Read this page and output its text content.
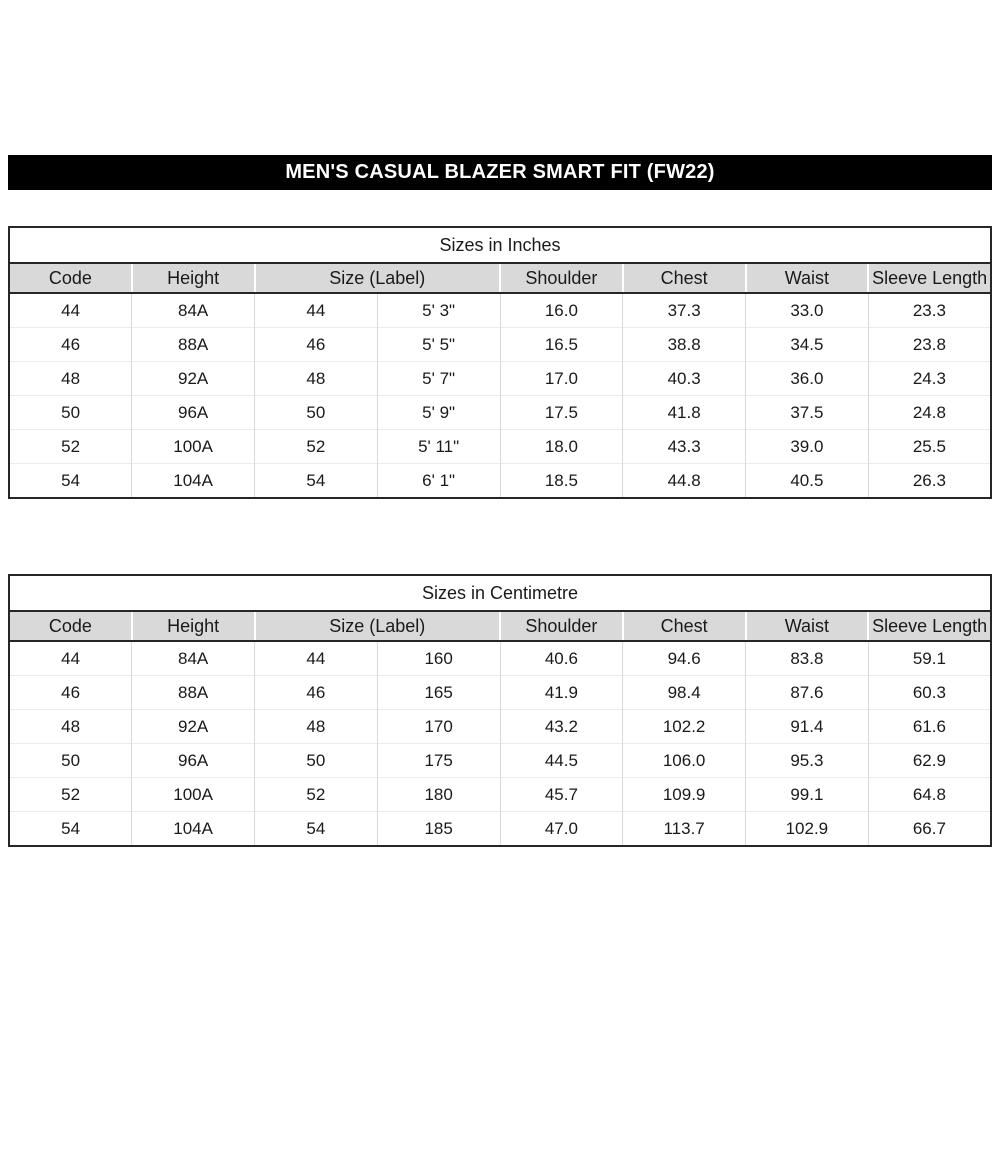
MEN'S CASUAL BLAZER SMART FIT (FW22)
Sizes in Inches							
Code	Height	Size (Label)		Shoulder	Chest	Waist	Sleeve Length
44	84A	44	5' 3"	16.0	37.3	33.0	23.3
46	88A	46	5' 5"	16.5	38.8	34.5	23.8
48	92A	48	5' 7"	17.0	40.3	36.0	24.3
50	96A	50	5' 9"	17.5	41.8	37.5	24.8
52	100A	52	5' 11"	18.0	43.3	39.0	25.5
54	104A	54	6' 1"	18.5	44.8	40.5	26.3
Sizes in Centimetre							
Code	Height	Size (Label)		Shoulder	Chest	Waist	Sleeve Length
44	84A	44	160	40.6	94.6	83.8	59.1
46	88A	46	165	41.9	98.4	87.6	60.3
48	92A	48	170	43.2	102.2	91.4	61.6
50	96A	50	175	44.5	106.0	95.3	62.9
52	100A	52	180	45.7	109.9	99.1	64.8
54	104A	54	185	47.0	113.7	102.9	66.7
